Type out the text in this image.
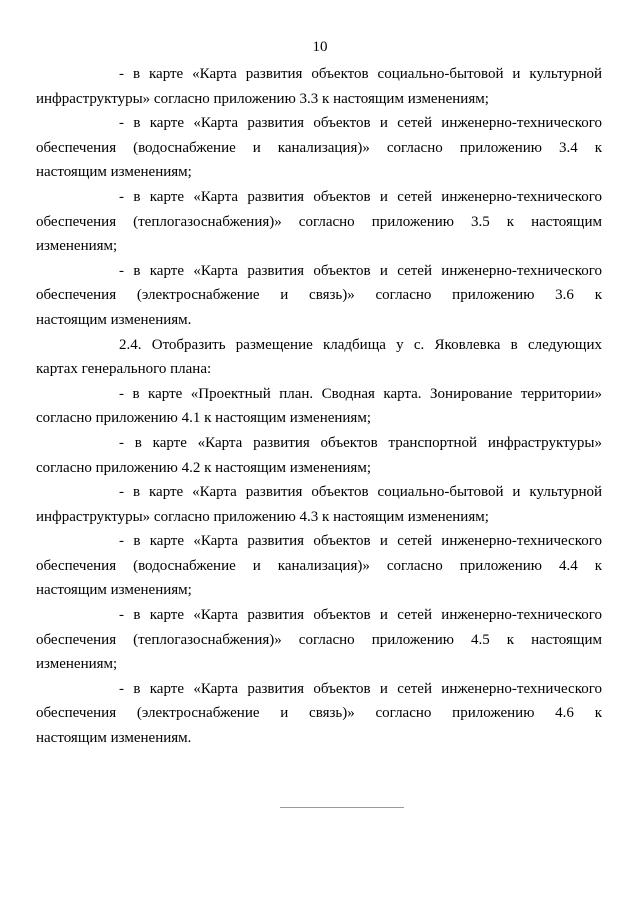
10

- в карте «Карта развития объектов социально-бытовой и культурной
инфраструктуры» согласно приложению 3.3 к настоящим изменениям;

- в карте «Карта развития объектов и сетей инженерно-технического
обеспечения (водоснабжение и канализация)» согласно приложению 3.4 к
настоящим изменениям;

- в карте «Карта развития объектов и сетей инженерно-технического
обеспечения (теплогазоснабжения)» согласно приложению 3.5 к настоящим
изменениям;

- в карте «Карта развития объектов и сетей инженерно-технического
обеспечения (электроснабжение и связь)» согласно приложению 3.6 к
настоящим изменениям.

2.4. Отобразить размещение кладбища у с. Яковлевка в следующих
картах генерального плана:

- в карте «Проектный план. Сводная карта. Зонирование территории»
согласно приложению 4.1 к настоящим изменениям;

- в карте «Карта развития объектов транспортной инфраструктуры»
согласно приложению 4.2 к настоящим изменениям;

- в карте «Карта развития объектов социально-бытовой и культурной
инфраструктуры» согласно приложению 4.3 к настоящим изменениям;

- в карте «Карта развития объектов и сетей инженерно-технического
обеспечения (водоснабжение и канализация)» согласно приложению 4.4 к
настоящим изменениям;

- в карте «Карта развития объектов и сетей инженерно-технического
обеспечения (теплогазоснабжения)» согласно приложению 4.5 к настоящим
изменениям;

- в карте «Карта развития объектов и сетей инженерно-технического
обеспечения (электроснабжение и связь)» согласно приложению 4.6 к
настоящим изменениям.
